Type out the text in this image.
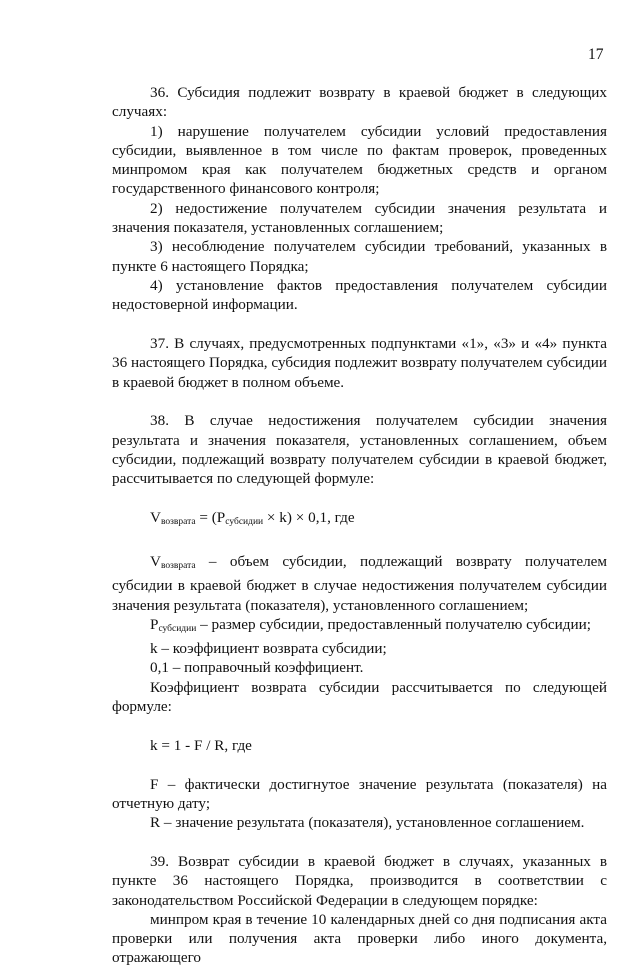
17

36. Субсидия подлежит возврату в краевой бюджет в следующих случаях:

1) нарушение получателем субсидии условий предоставления субсидии, выявленное в том числе по фактам проверок, проведенных минпромом края как получателем бюджетных средств и органом государственного финансового контроля;

2) недостижение получателем субсидии значения результата и значения показателя, установленных соглашением;

3) несоблюдение получателем субсидии требований, указанных в пункте 6 настоящего Порядка;

4) установление фактов предоставления получателем субсидии недостоверной информации.

37. В случаях, предусмотренных подпунктами «1», «3» и «4» пункта 36 настоящего Порядка, субсидия подлежит возврату получателем субсидии в краевой бюджет в полном объеме.

38. В случае недостижения получателем субсидии значения результата и значения показателя, установленных соглашением, объем субсидии, подлежащий возврату получателем субсидии в краевой бюджет, рассчитывается по следующей формуле:

$V_{возврата} = (P_{субсидии} \times k) \times 0,1$, где

$V_{возврата}$ – объем субсидии, подлежащий возврату получателем субсидии в краевой бюджет в случае недостижения получателем субсидии значения результата (показателя), установленного соглашением;

$P_{субсидии}$ – размер субсидии, предоставленный получателю субсидии;

k – коэффициент возврата субсидии;

0,1 – поправочный коэффициент.

Коэффициент возврата субсидии рассчитывается по следующей формуле:

k = 1 - F / R, где

F – фактически достигнутое значение результата (показателя) на отчетную дату;

R – значение результата (показателя), установленное соглашением.

39. Возврат субсидии в краевой бюджет в случаях, указанных в пункте 36 настоящего Порядка, производится в соответствии с законодательством Российской Федерации в следующем порядке:

минпром края в течение 10 календарных дней со дня подписания акта проверки или получения акта проверки либо иного документа, отражающего
